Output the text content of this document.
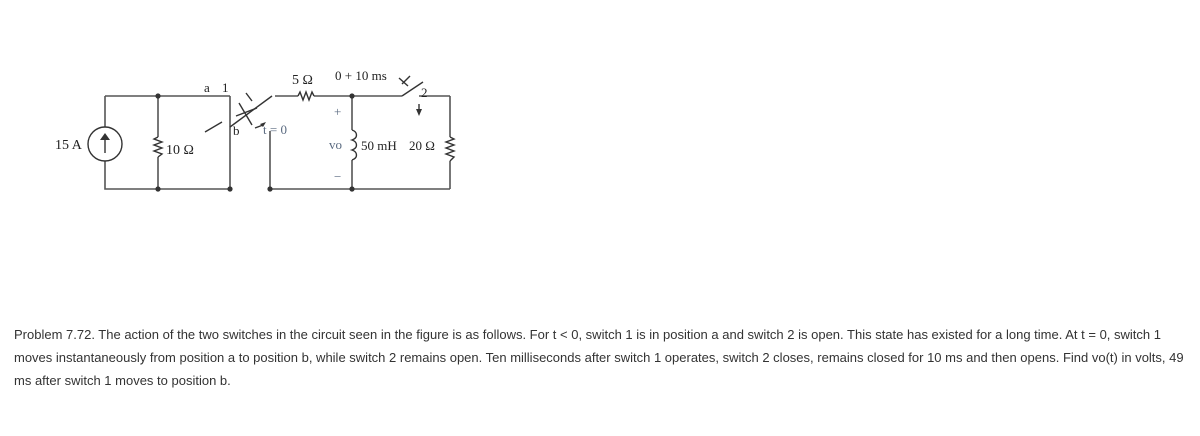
15 A	10 Ω
a 1
b t = 0
5 Ω 0 + 10 ms
2
+
vo
−
50 mH 20 Ω

Problem 7.72. The action of the two switches in the circuit seen in the figure is as follows. For t < 0, switch 1 is in position a and switch 2 is open. This state has existed for a long time. At t = 0, switch 1 moves instantaneously from position a to position b, while switch 2 remains open. Ten milliseconds after switch 1 operates, switch 2 closes, remains closed for 10 ms and then opens. Find vo(t) in volts, 49 ms after switch 1 moves to position b.
